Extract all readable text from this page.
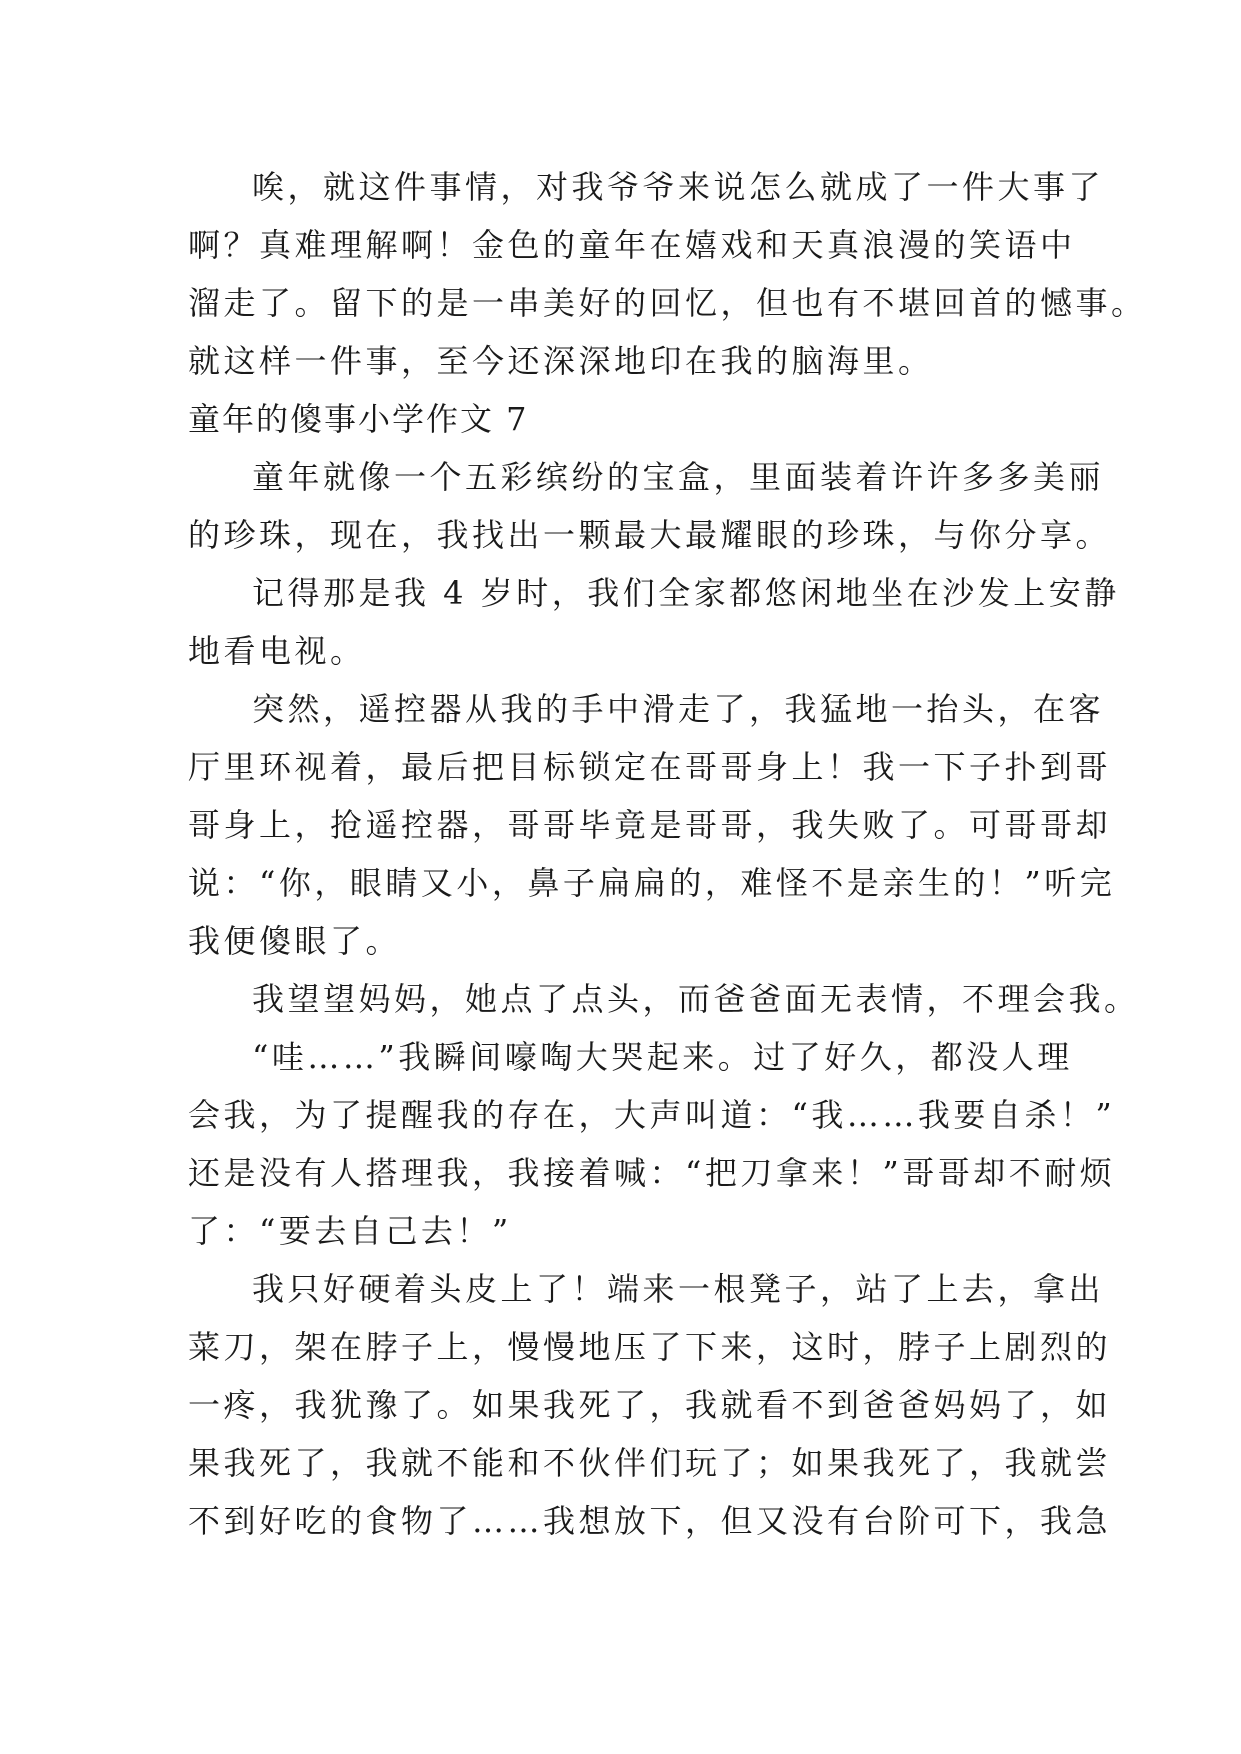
唉，就这件事情，对我爷爷来说怎么就成了一件大事了
啊？真难理解啊！金色的童年在嬉戏和天真浪漫的笑语中
溜走了。留下的是一串美好的回忆，但也有不堪回首的憾事。
就这样一件事，至今还深深地印在我的脑海里。
童年的傻事小学作文 7
童年就像一个五彩缤纷的宝盒，里面装着许许多多美丽
的珍珠，现在，我找出一颗最大最耀眼的珍珠，与你分享。
记得那是我 4 岁时，我们全家都悠闲地坐在沙发上安静
地看电视。
突然，遥控器从我的手中滑走了，我猛地一抬头，在客
厅里环视着，最后把目标锁定在哥哥身上！我一下子扑到哥
哥身上，抢遥控器，哥哥毕竟是哥哥，我失败了。可哥哥却
说：“你，眼睛又小，鼻子扁扁的，难怪不是亲生的！”听完
我便傻眼了。
我望望妈妈，她点了点头，而爸爸面无表情，不理会我。
“哇……”我瞬间嚎啕大哭起来。过了好久，都没人理
会我，为了提醒我的存在，大声叫道：“我……我要自杀！”
还是没有人搭理我，我接着喊：“把刀拿来！”哥哥却不耐烦
了：“要去自己去！”
我只好硬着头皮上了！端来一根凳子，站了上去，拿出
菜刀，架在脖子上，慢慢地压了下来，这时，脖子上剧烈的
一疼，我犹豫了。如果我死了，我就看不到爸爸妈妈了，如
果我死了，我就不能和不伙伴们玩了；如果我死了，我就尝
不到好吃的食物了……我想放下，但又没有台阶可下，我急
